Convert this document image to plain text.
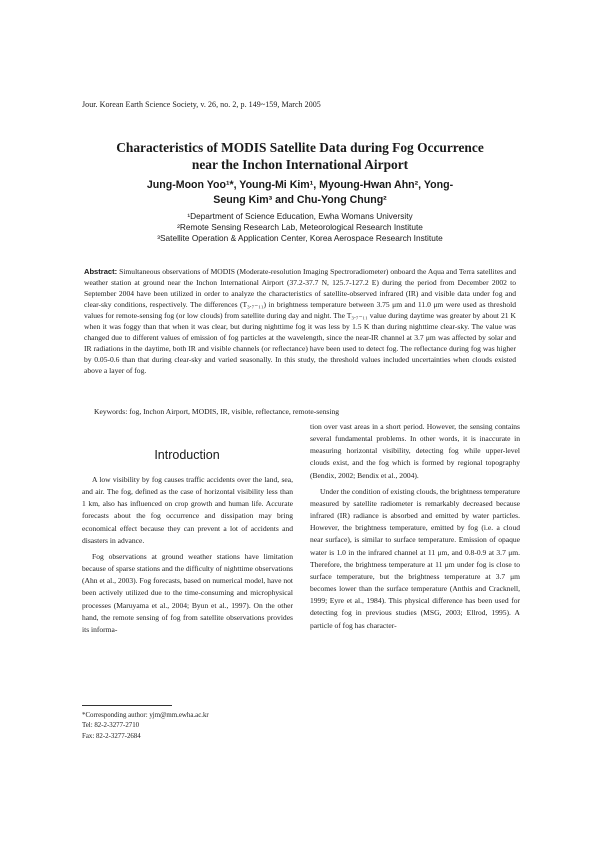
Jour. Korean Earth Science Society, v. 26, no. 2, p. 149~159, March 2005
Characteristics of MODIS Satellite Data during Fog Occurrence
near the Inchon International Airport
Jung-Moon Yoo¹*, Young-Mi Kim¹, Myoung-Hwan Ahn², Yong-Seung Kim³ and Chu-Yong Chung²
¹Department of Science Education, Ewha Womans University
²Remote Sensing Research Lab, Meteorological Research Institute
³Satellite Operation & Application Center, Korea Aerospace Research Institute
Abstract: Simultaneous observations of MODIS (Moderate-resolution Imaging Spectroradiometer) onboard the Aqua and Terra satellites and weather station at ground near the Inchon International Airport (37.2-37.7 N, 125.7-127.2 E) during the period from December 2002 to September 2004 have been utilized in order to analyze the characteristics of satellite-observed infrared (IR) and visible data under fog and clear-sky conditions, respectively. The differences (T₃.₇₋₁₁) in brightness temperature between 3.75 μm and 11.0 μm were used as threshold values for remote-sensing fog (or low clouds) from satellite during day and night. The T₃.₇₋₁₁ value during daytime was greater by about 21 K when it was foggy than that when it was clear, but during nighttime fog it was less by 1.5 K than during nighttime clear-sky. The value was changed due to different values of emission of fog particles at the wavelength, since the near-IR channel at 3.7 μm was affected by solar and IR radiations in the daytime, both IR and visible channels (or reflectance) have been used to detect fog. The reflectance during fog was higher by 0.05-0.6 than that during clear-sky and varied seasonally. In this study, the threshold values included uncertainties when clouds existed above a layer of fog.
Keywords: fog, Inchon Airport, MODIS, IR, visible, reflectance, remote-sensing
Introduction

A low visibility by fog causes traffic accidents over the land, sea, and air. The fog, defined as the case of horizontal visibility less than 1 km, also has influenced on crop growth and human life. Accurate forecasts about the fog occurrence and dissipation may bring economical effect because they can prevent a lot of accidents and disasters in advance.

Fog observations at ground weather stations have limitation because of sparse stations and the difficulty of nighttime observations (Ahn et al., 2003). Fog forecasts, based on numerical model, have not been actively utilized due to the time-consuming and microphysical processes (Maruyama et al., 2004; Byun et al., 1997). On the other hand, the remote sensing of fog from satellite observations provides its informa-

tion over vast areas in a short period. However, the sensing contains several fundamental problems. In other words, it is inaccurate in measuring horizontal visibility, detecting fog while upper-level clouds exist, and the fog which is formed by regional topography (Bendix, 2002; Bendix et al., 2004).

Under the condition of existing clouds, the brightness temperature measured by satellite radiometer is remarkably decreased because infrared (IR) radiance is absorbed and emitted by water particles. However, the brightness temperature, emitted by fog (i.e. a cloud near surface), is similar to surface temperature. Emission of opaque water is 1.0 in the infrared channel at 11 μm, and 0.8-0.9 at 3.7 μm. Therefore, the brightness temperature at 11 μm under fog is close to surface temperature, but the brightness temperature at 3.7 μm becomes lower than the surface temperature (Anthis and Cracknell, 1999; Eyre et al., 1984). This physical difference has been used for detecting fog in previous studies (MSG, 2003; Ellrod, 1995). A particle of fog has character-

*Corresponding author: yjm@mm.ewha.ac.kr
Tel: 82-2-3277-2710
Fax: 82-2-3277-2684
